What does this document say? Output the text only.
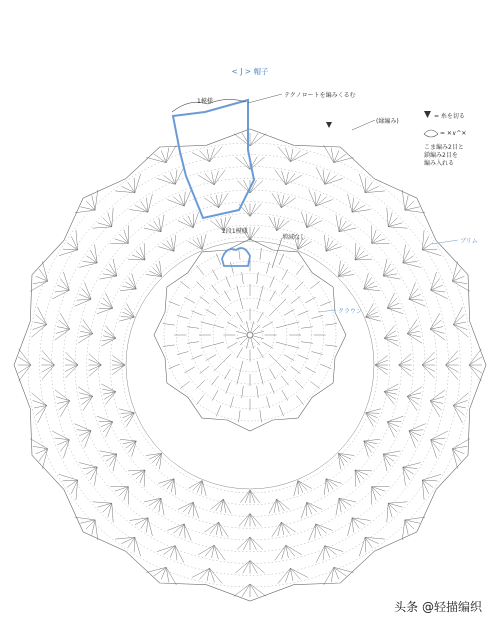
< J > 帽子
1模様
テクノロートを編みくるむ
(縁編み)
= 糸を切る
= ✕∨^✕
こま編み2目と
鎖編み2目を
編み入れる
2段1模様
増減なし
ブリム
クラウン
头条 @轻描编织
